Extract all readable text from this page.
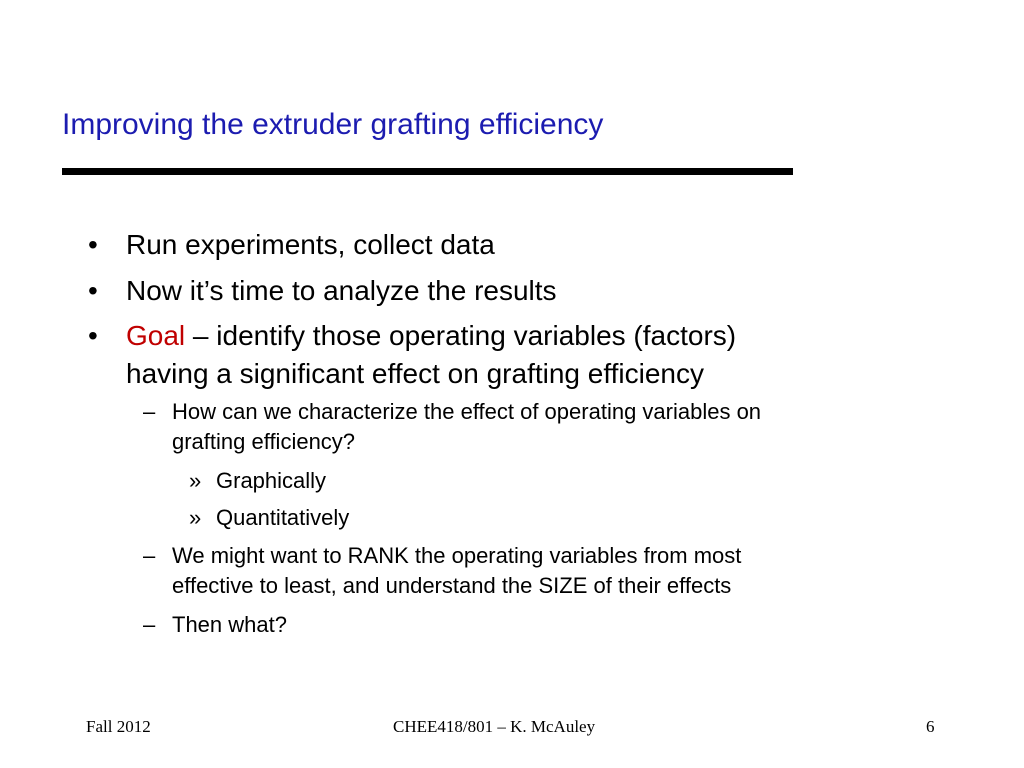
Improving the extruder grafting efficiency
• Run experiments, collect data
• Now it’s time to analyze the results
• Goal – identify those operating variables (factors)
having a significant effect on grafting efficiency
– How can we characterize the effect of operating variables on
grafting efficiency?
» Graphically
» Quantitatively
– We might want to RANK the operating variables from most
effective to least, and understand the SIZE of their effects
– Then what?
Fall 2012	CHEE418/801 – K. McAuley	6
